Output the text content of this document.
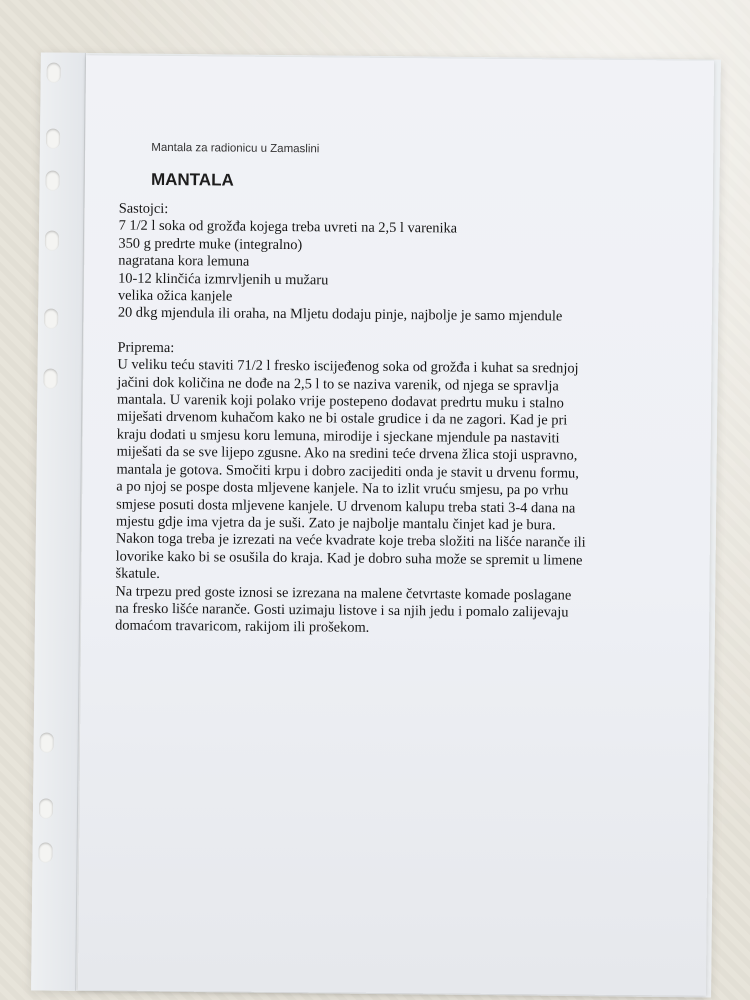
Mantala za radionicu u Zamaslini
MANTALA

Sastojci:

7 1/2 l soka od grožđa kojega treba uvreti na 2,5 l varenika

350 g predrte muke (integralno)

nagratana kora lemuna

10-12 klinčića izmrvljenih u mužaru

velika ožica kanjele

20 dkg mjendula ili oraha, na Mljetu dodaju pinje, najbolje je samo mjendule

Priprema:

U veliku teću staviti 71/2 l fresko iscijeđenog soka od grožđa i kuhat sa srednjoj

jačini dok količina ne dođe na 2,5 l to se naziva varenik, od njega se spravlja

mantala. U varenik koji polako vrije postepeno dodavat predrtu muku i stalno

miješati drvenom kuhačom kako ne bi ostale grudice i da ne zagori. Kad je pri

kraju dodati u smjesu koru lemuna, mirodije i sjeckane mjendule pa nastaviti

miješati da se sve lijepo zgusne. Ako na sredini teće drvena žlica stoji uspravno,

mantala je gotova. Smočiti krpu i dobro zacijediti onda je stavit u drvenu formu,

a po njoj se pospe dosta mljevene kanjele. Na to izlit vruću smjesu, pa po vrhu

smjese posuti dosta mljevene kanjele. U drvenom kalupu treba stati 3-4 dana na

mjestu gdje ima vjetra da je suši. Zato je najbolje mantalu činjet kad je bura.

Nakon toga treba je izrezati na veće kvadrate koje treba složiti na lišće naranče ili

lovorike kako bi se osušila do kraja. Kad je dobro suha može se spremit u limene

škatule.

Na trpezu pred goste iznosi se izrezana na malene četvrtaste komade poslagane

na fresko lišće naranče. Gosti uzimaju listove i sa njih jedu i pomalo zalijevaju

domaćom travaricom, rakijom ili prošekom.
